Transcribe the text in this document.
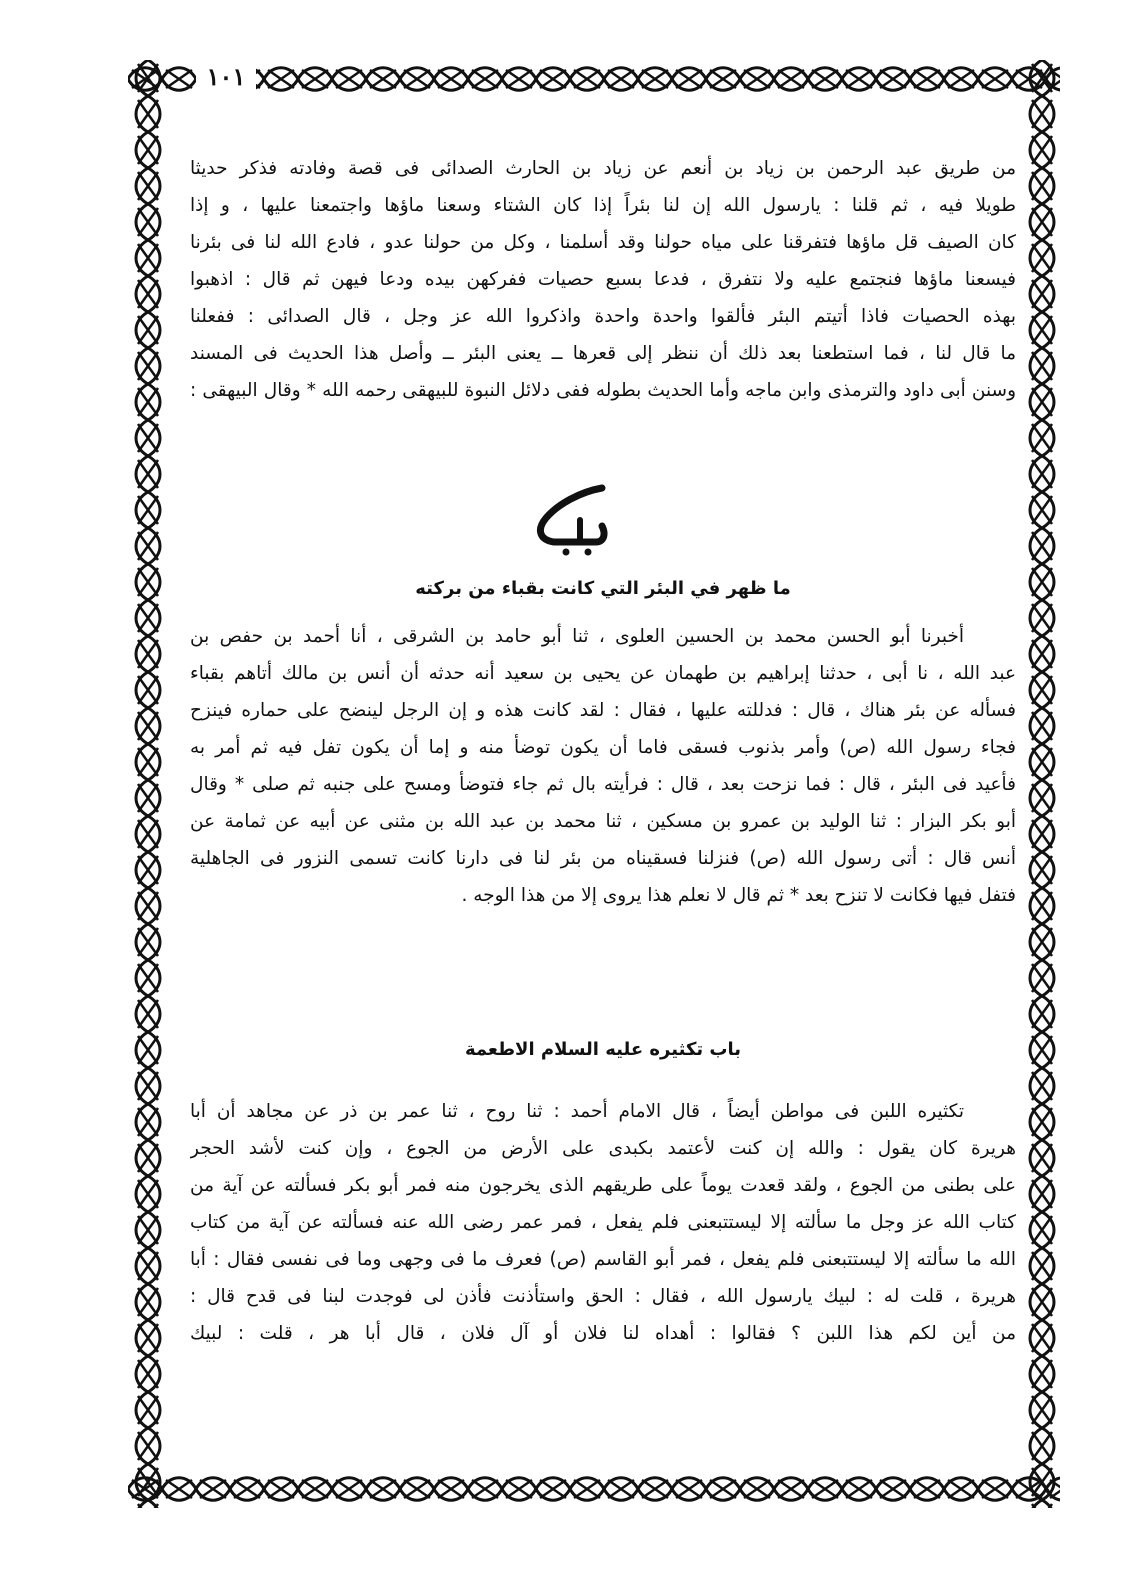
١٠١
من طريق عبد الرحمن بن زياد بن أنعم عن زياد بن الحارث الصدائى فى قصة وفادته فذكر حديثا
طويلا فيه ، ثم قلنا : يارسول الله إن لنا بئراً إذا كان الشتاء وسعنا ماؤها واجتمعنا عليها ، و إذا
كان الصيف قل ماؤها فتفرقنا على مياه حولنا وقد أسلمنا ، وكل من حولنا عدو ، فادع الله لنا فى بئرنا
فيسعنا ماؤها فنجتمع عليه ولا نتفرق ، فدعا بسبع حصيات ففركهن بيده ودعا فيهن ثم قال : اذهبوا
بهذه الحصيات فاذا أتيتم البئر فألقوا واحدة واحدة واذكروا الله عز وجل ، قال الصدائى : ففعلنا
ما قال لنا ، فما استطعنا بعد ذلك أن ننظر إلى قعرها ــ يعنى البئر ــ وأصل هذا الحديث فى المسند
وسنن أبى داود والترمذى وابن ماجه وأما الحديث بطوله ففى دلائل النبوة للبيهقى رحمه الله * وقال البيهقى :
ما ظهر في البئر التي كانت بقباء من بركته
أخبرنا أبو الحسن محمد بن الحسين العلوى ، ثنا أبو حامد بن الشرقى ، أنا أحمد بن حفص بن
عبد الله ، نا أبى ، حدثنا إبراهيم بن طهمان عن يحيى بن سعيد أنه حدثه أن أنس بن مالك أتاهم بقباء
فسأله عن بئر هناك ، قال : فدللته عليها ، فقال : لقد كانت هذه و إن الرجل لينضح على حماره فينزح
فجاء رسول الله (ص) وأمر بذنوب فسقى فاما أن يكون توضأ منه و إما أن يكون تفل فيه ثم أمر به
فأعيد فى البئر ، قال : فما نزحت بعد ، قال : فرأيته بال ثم جاء فتوضأ ومسح على جنبه ثم صلى * وقال
أبو بكر البزار : ثنا الوليد بن عمرو بن مسكين ، ثنا محمد بن عبد الله بن مثنى عن أبيه عن ثمامة عن
أنس قال : أتى رسول الله (ص) فنزلنا فسقيناه من بئر لنا فى دارنا كانت تسمى النزور فى الجاهلية
فتفل فيها فكانت لا تنزح بعد * ثم قال لا نعلم هذا يروى إلا من هذا الوجه .
باب تكثيره عليه السلام الاطعمة
تكثيره اللبن فى مواطن أيضاً ، قال الامام أحمد : ثنا روح ، ثنا عمر بن ذر عن مجاهد أن أبا
هريرة كان يقول : والله إن كنت لأعتمد بكبدى على الأرض من الجوع ، وإن كنت لأشد الحجر
على بطنى من الجوع ، ولقد قعدت يوماً على طريقهم الذى يخرجون منه فمر أبو بكر فسألته عن آية من
كتاب الله عز وجل ما سألته إلا ليستتبعنى فلم يفعل ، فمر عمر رضى الله عنه فسألته عن آية من كتاب
الله ما سألته إلا ليستتبعنى فلم يفعل ، فمر أبو القاسم (ص) فعرف ما فى وجهى وما فى نفسى فقال : أبا
هريرة ، قلت له : لبيك يارسول الله ، فقال : الحق واستأذنت فأذن لى فوجدت لبنا فى قدح قال :
من أين لكم هذا اللبن ؟ فقالوا : أهداه لنا فلان أو آل فلان ، قال أبا هر ، قلت : لبيك
